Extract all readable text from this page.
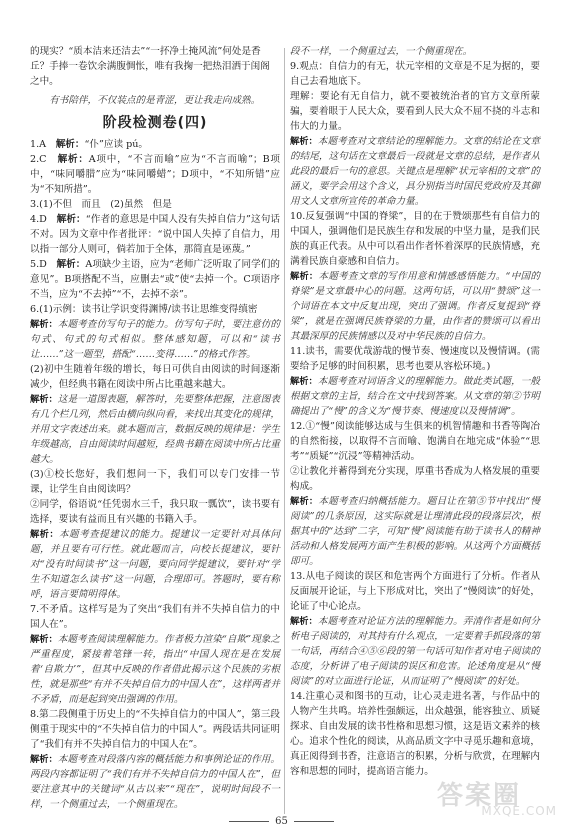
的现实？“质本洁来还洁去”“一抔净土掩风流”何处是香

丘？手捧一卷饮余满腹惆怅，唯有我掬一把热泪洒于闺阁

之中。

有书陪伴，不仅装点的是青涩，更让我走向成熟。

阶段检测卷(四)

1.A　解析：“仆”应读 pú。

2.C　解析：A项中，“不言而喻”应为“不言而喻”；B项中，“味同嚼腊”应为“味同嚼蜡”；D项中，“不知所错”应为“不知所措”。

3.(1)不但　而且　(2)虽然　但是

4.D　解析：“作者的意思是中国人没有失掉自信力”这句话不对。因为文章中作者批评：“说中国人失掉了自信力，用以指一部分人则可，倘若加于全体，那简直是诬蔑。”

5.D　解析：A项缺少主语，应为“老师广泛听取了同学们的意见”。B项搭配不当，应删去“或”使“去掉一个。C项语序不当，应为“不去掉”“不，去掉不亲”。

6.(1)示例：读书让学识变得渊博/读书让思维变得缜密

解析：本题考查仿写句子的能力。仿写句子时，要注意仿的句式、句式的句式相似。整体感知题，可以和“读书让……”这一题型，搭配“……变得……”的格式作答。

(2)初中生随着年级的增长，每日可供自由阅读的时间逐渐减少，但经典书籍在阅读中所占比重越来越大。

解析：这是一道图表题，解答时，先要整体把握，注意图表有几个栏几列，然后由横向纵向看，来找出其变化的规律，并用文字表述出来。就本题而言，数据反映的规律是：学生年级越高，自由阅读时间越短，经典书籍在阅读中所占比重越大。

(3)①校长您好，我们想问一下，我们可以专门安排一节课，让学生自由阅读吗？

②同学，俗语说“任凭弱水三千，我只取一瓢饮”，读书要有选择，要读有益而且有兴趣的书籍入手。

解析：本题考查提建议的能力。提建议一定要针对具体问题，并且要有可行性。就此题而言，向校长提建议，要针对“没有时间读书”这一问题，要向同学提建议，要针对“学生不知道怎么读书”这一问题，合理即可。答题时，要有称呼，语言要简明得体。

7.不矛盾。这样写是为了突出“我们有并不失掉自信力的中国人在”。

解析：本题考查阅读理解能力。作者极力渲染“自欺”现象之严重程度，紧接着笔锋一转，指出“中国人现在是在发展着‘自欺力’”，但其中反映的作者借此揭示这个民族的劣根性，就是那些“有并不失掉自信力的中国人在”，这样两者并不矛盾，而是起到突出强调的作用。

8.第二段侧重于历史上的“不失掉自信力的中国人”，第三段侧重于现实中的“不失掉自信力的中国人”。两段话共同证明了“我们有并不失掉自信力的中国人在”。

解析：本题考查对段落内容的概括能力和事例论证的作用。两段内容都证明了“我们有并不失掉自信力的中国人在”，但要注意其中的关键词“从古以来”“现在”，说明时间段不一样，一个侧重过去，一个侧重现在。

段不一样，一个侧重过去，一个侧重现在。

9.观点：自信力的有无，状元宰相的文章是不足为据的，要自己去看地底下。

理解：要论有无自信力，就不要被统治者的官方文章所蒙骗，要着眼于人民大众，要看到人民大众不屈不挠的斗志和伟大的力量。

解析：本题考查对文章结论的理解能力。文章的结论在文章的结尾，这句话在文章最后一段就是文章的总结，是作者从此段的最后一句的意思。关键点是理解“状元宰相的文章”的涵义，要学会用这个含义，具分别指当时国民党政府及其御用文人文章所宣传的革命力量。

10.反复强调“中国的脊梁”，目的在于赞颂那些有自信力的中国人，强调他们是民族生存和发展的中坚力量，是我们民族的真正代表。从中可以看出作者怀着深厚的民族情感，充满着民族自豪感和自信力。

解析：本题考查文章的写作用意和情感感悟能力。“中国的脊梁”是文章最中心的问题。这两句话，可以用“赞颂”这一个词语在本文中反复出现，突出了强调。作者反复提到“脊梁”，就是在强调民族脊梁的力量，由作者的赞颂可以看出其最深厚的民族情感以及对中华民族的自信力。

11.读书，需要优哉游哉的慢节奏、慢速度以及慢情调。(需要给予足够的时间积累，思考也要从容松环境。)

解析：本题考查对词语含义的理解能力。做此类试题，一般根据文章的主旨，结合在文中找到答案。从文章的第②节明确提出了“慢”的含义为“慢节奏、慢速度以及慢情调”。

12.①“慢”阅读能够达成与生俱来的机智情趣和书香等陶冶的自然衔接，以取得不言而喻、饱满自在地完成“体验”“思考”“质疑”“沉浸”等精神活动。

②让教化并蓄得到充分实现，厚重书香成为人格发展的重要构成。

解析：本题考查归纳概括能力。题目让在第⑤节中找出“慢阅读”的几条原因，这实际就是让理清此段的段落层次，根据其中的“达到”二字，可知“慢”阅读能有助于读书人的精神活动和人格发展两方面产生积极的影响。从这两个方面概括即可。

13.从电子阅读的误区和危害两个方面进行了分析。作者从反面展开论证，与上下形成对比，突出了“慢阅读”的好处，论证了中心论点。

解析：本题考查对论证方法的理解能力。弄清作者是如何分析电子阅读的，对其持有什么观点，一定要着手抓段落的第一句话，再结合④⑤⑥段的第一句话可知作者对电子阅读的态度，分析讲了电子阅读的误区和危害。论述角度是从“慢阅读”的对立面进行论证，从而证明了“慢阅读”的好处。

14.注重心灵和图书的互动，让心灵走进名著，与作品中的人物产生共鸣。培养性强颇远，出众越强，能容独立、质疑探求、自由发展的读书性格和思想习惯，这是语文素养的核心。追求个性化的阅读，从高品质文字中寻觅乐趣和意境，真正阅得到书香，注意语言的积累，分析与欣赏，在理解内容和思想的同时，提高语言能力。

65
答案圈
MXQE.COM
